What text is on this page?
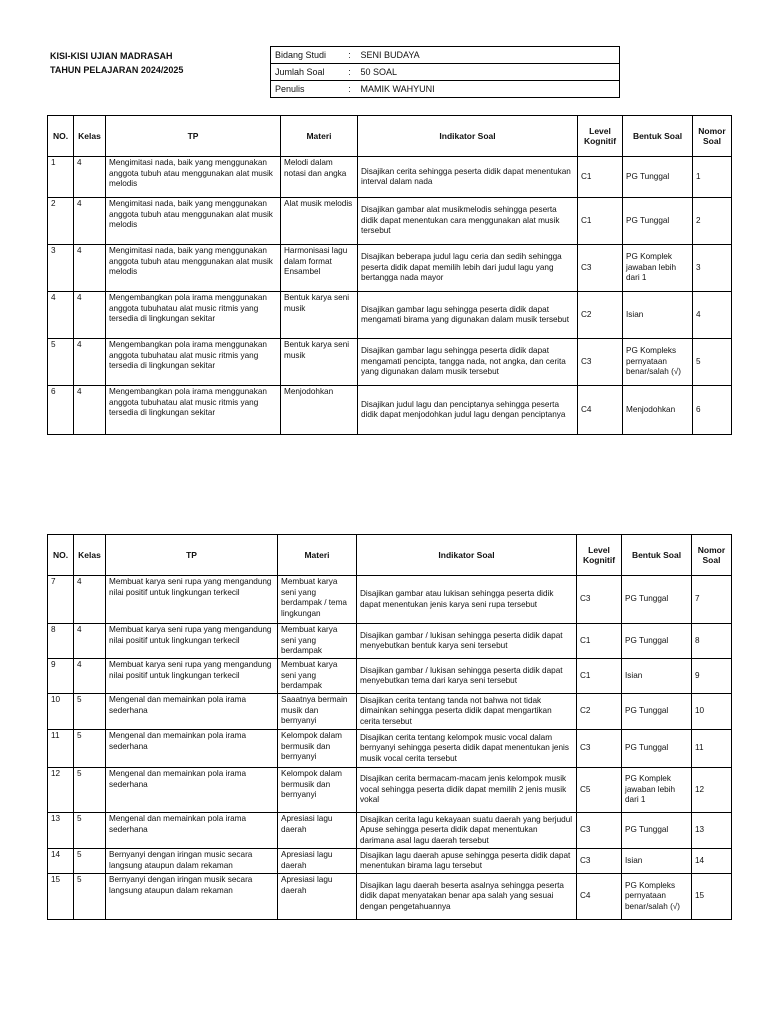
KISI-KISI UJIAN MADRASAH
TAHUN PELAJARAN 2024/2025
Bidang Studi	:	SENI BUDAYA
Jumlah Soal	:	50 SOAL
Penulis	:	MAMIK WAHYUNI
NO.	Kelas	TP	Materi	Indikator Soal	Level Kognitif	Bentuk Soal	Nomor Soal
1	4	Mengimitasi nada, baik yang menggunakan anggota tubuh atau menggunakan alat musik melodis	Melodi dalam notasi dan angka	Disajikan cerita sehingga peserta didik dapat menentukan interval dalam nada	C1	PG Tunggal	1
2	4	Mengimitasi nada, baik yang menggunakan anggota tubuh atau menggunakan alat musik melodis	Alat musik melodis	Disajikan gambar alat musikmelodis sehingga peserta didik dapat menentukan cara menggunakan alat musik tersebut	C1	PG Tunggal	2
3	4	Mengimitasi nada, baik yang menggunakan anggota tubuh atau menggunakan alat musik melodis	Harmonisasi lagu dalam format Ensambel	Disajikan beberapa judul lagu ceria dan sedih sehingga peserta didik dapat memilih lebih dari judul lagu yang bertangga nada mayor	C3	PG Komplek jawaban lebih dari 1	3
4	4	Mengembangkan pola irama menggunakan anggota tubuhatau alat music ritmis yang tersedia di lingkungan sekitar	Bentuk karya seni musik	Disajikan gambar lagu sehingga peserta didik dapat mengamati birama yang digunakan dalam musik tersebut	C2	Isian	4
5	4	Mengembangkan pola irama menggunakan anggota tubuhatau alat music ritmis yang tersedia di lingkungan sekitar	Bentuk karya seni musik	Disajikan gambar lagu sehingga peserta didik dapat mengamati pencipta, tangga nada, not angka, dan cerita yang digunakan dalam musik tersebut	C3	PG Kompleks pernyataan benar/salah (√)	5
6	4	Mengembangkan pola irama menggunakan anggota tubuhatau alat music ritmis yang tersedia di lingkungan sekitar	Menjodohkan	Disajikan judul lagu dan penciptanya sehingga peserta didik dapat menjodohkan judul lagu dengan penciptanya	C4	Menjodohkan	6
NO.	Kelas	TP	Materi	Indikator Soal	Level Kognitif	Bentuk Soal	Nomor Soal
7	4	Membuat karya seni rupa yang mengandung nilai positif untuk lingkungan terkecil	Membuat karya seni yang berdampak / tema lingkungan	Disajikan gambar atau lukisan sehingga peserta didik dapat menentukan jenis karya seni rupa tersebut	C3	PG Tunggal	7
8	4	Membuat karya seni rupa yang mengandung nilai positif untuk lingkungan terkecil	Membuat karya seni yang berdampak	Disajikan gambar / lukisan sehingga peserta didik dapat menyebutkan bentuk karya seni tersebut	C1	PG Tunggal	8
9	4	Membuat karya seni rupa yang mengandung nilai positif untuk lingkungan terkecil	Membuat karya seni yang berdampak	Disajikan gambar / lukisan sehingga peserta didik dapat menyebutkan tema dari karya seni tersebut	C1	Isian	9
10	5	Mengenal dan memainkan pola irama sederhana	Saaatnya bermain musik dan bernyanyi	Disajikan cerita tentang tanda not bahwa not tidak dimainkan sehingga peserta didik dapat mengartikan cerita tersebut	C2	PG Tunggal	10
11	5	Mengenal dan memainkan pola irama sederhana	Kelompok dalam bermusik dan bernyanyi	Disajikan cerita tentang kelompok music vocal dalam bernyanyi sehingga peserta didik dapat menentukan jenis musik vocal cerita tersebut	C3	PG Tunggal	11
12	5	Mengenal dan memainkan pola irama sederhana	Kelompok dalam bermusik dan bernyanyi	Disajikan cerita bermacam-macam jenis kelompok musik vocal sehingga peserta didik dapat memilih 2 jenis musik vokal	C5	PG Komplek jawaban lebih dari 1	12
13	5	Mengenal dan memainkan pola irama sederhana	Apresiasi lagu daerah	Disajikan cerita lagu kekayaan suatu daerah yang berjudul Apuse sehingga peserta didik dapat menentukan darimana asal lagu daerah tersebut	C3	PG Tunggal	13
14	5	Bernyanyi dengan iringan music secara langsung ataupun dalam rekaman	Apresiasi lagu daerah	Disajikan lagu daerah apuse sehingga peserta didik dapat menentukan birama lagu tersebut	C3	Isian	14
15	5	Bernyanyi dengan iringan musik secara langsung ataupun dalam rekaman	Apresiasi lagu daerah	Disajikan lagu daerah beserta asalnya sehingga peserta didik dapat menyatakan benar apa salah yang sesuai dengan pengetahuannya	C4	PG Kompleks pernyataan benar/salah (√)	15
